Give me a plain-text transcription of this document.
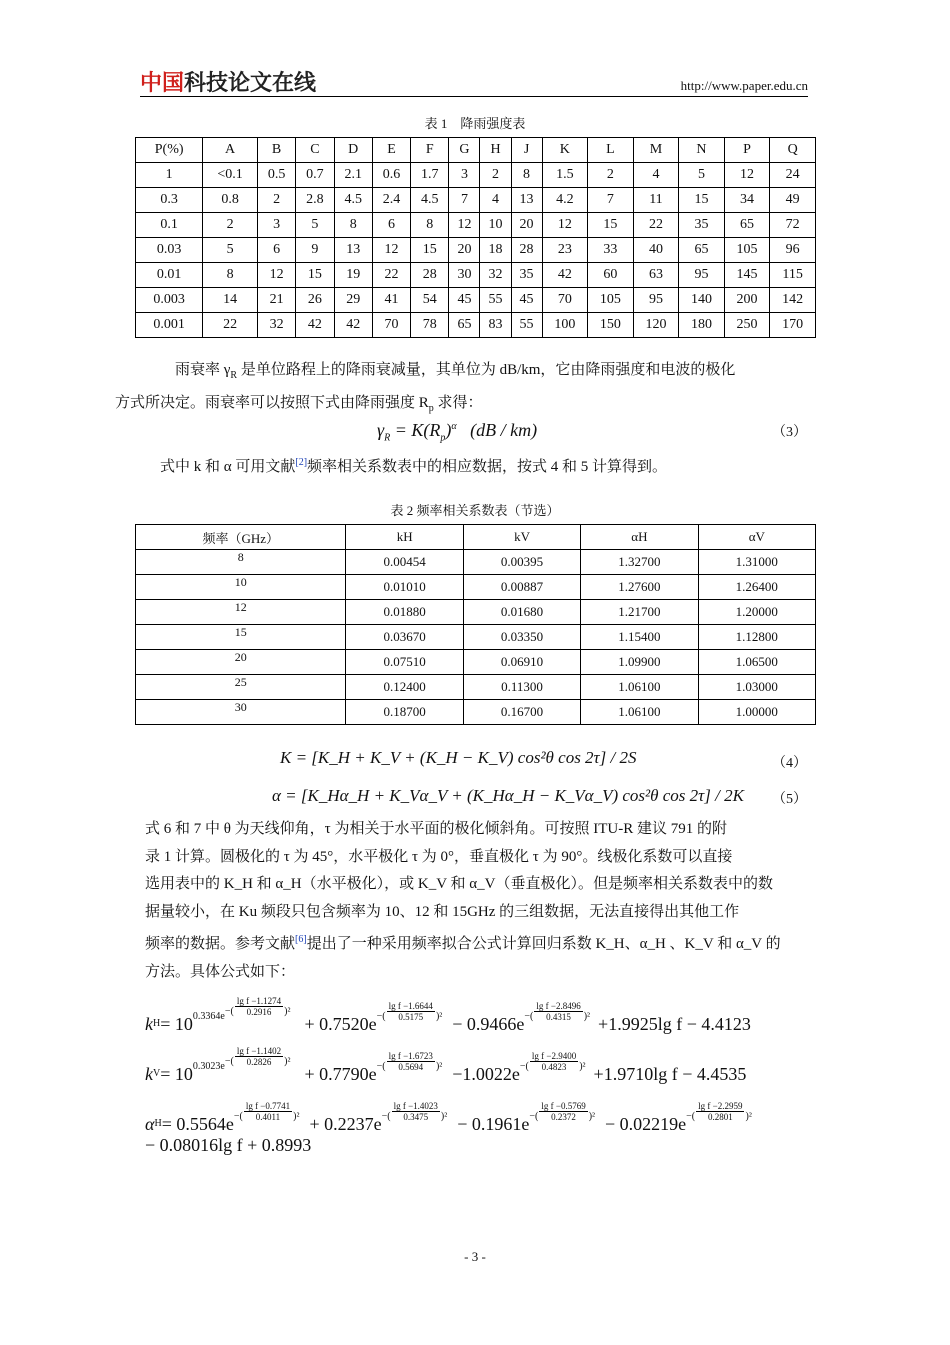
中国科技论文在线	http://www.paper.edu.cn
表 1　降雨强度表
P(%)	A	B	C	D	E	F	G	H	J	K	L	M	N	P	Q
1	<0.1	0.5	0.7	2.1	0.6	1.7	3	2	8	1.5	2	4	5	12	24
0.3	0.8	2	2.8	4.5	2.4	4.5	7	4	13	4.2	7	11	15	34	49
0.1	2	3	5	8	6	8	12	10	20	12	15	22	35	65	72
0.03	5	6	9	13	12	15	20	18	28	23	33	40	65	105	96
0.01	8	12	15	19	22	28	30	32	35	42	60	63	95	145	115
0.003	14	21	26	29	41	54	45	55	45	70	105	95	140	200	142
0.001	22	32	42	42	70	78	65	83	55	100	150	120	180	250	170
雨衰率 $\gamma_R$ 是单位路程上的降雨衰减量，其单位为 dB/km，它由降雨强度和电波的极化
方式所决定。雨衰率可以按照下式由降雨强度 $R_p$ 求得：
$\gamma_R = K(R_p)^\alpha$ (dB / km)	（3）
式中 k 和 α 可用文献[2]频率相关系数表中的相应数据，按式 4 和 5 计算得到。
表 2 频率相关系数表（节选）
频率（GHz）	kH	kV	αH	αV
8	0.00454	0.00395	1.32700	1.31000
10	0.01010	0.00887	1.27600	1.26400
12	0.01880	0.01680	1.21700	1.20000
15	0.03670	0.03350	1.15400	1.12800
20	0.07510	0.06910	1.09900	1.06500
25	0.12400	0.11300	1.06100	1.03000
30	0.18700	0.16700	1.06100	1.00000
K = [K_H + K_V + (K_H − K_V) cos²θ cos 2τ] / 2S	（4）
α = [K_Hα_H + K_Vα_V + (K_Hα_H − K_Vα_V) cos²θ cos 2τ] / 2K （5）
式 6 和 7 中 θ 为天线仰角，τ 为相关于水平面的极化倾斜角。可按照 ITU-R 建议 791 的附
录 1 计算。圆极化的 τ 为 45°，水平极化 τ 为 0°，垂直极化 τ 为 90°。线极化系数可以直接
选用表中的 K_H 和 α_H（水平极化），或 K_V 和 α_V（垂直极化）。但是频率相关系数表中的数
据量较小，在 Ku 频段只包含频率为 10、12 和 15GHz 的三组数据，无法直接得出其他工作
频率的数据。参考文献[6]提出了一种采用频率拟合公式计算回归系数 K_H、α_H 、K_V 和 α_V 的
方法。具体公式如下：
k H = 10 0.3364e −( $\frac{\text{lg f −1.1274}}{0.2916} )^2$
+ 0.7520e −( $\frac{\text{lg f −1.6644}}{0.5175} )^2 - 0.9466e$ −( $\frac{\text{lg f −2.8496}}{0.4315} )^2 +1.9925\lg$ f − 4.4123
k V = 10 0.3023e −( $\frac{\text{lg f −1.1402}}{0.2826} )^2$
+ 0.7790e −( $\frac{\text{lg f −1.6723}}{0.5694} )^2 -1.0022e$ −( $\frac{\text{lg f −2.9400}}{0.4823} )^2 +1.9710\lg$ f − 4.4535
α H = 0.5564e −( $\frac{\text{lg f −0.7741}}{0.4011} )^2 + 0.2237e$ −( $\frac{\text{lg f −1.4023}}{0.3475} )^2 - 0.1961e$ −( $\frac{\text{lg f −0.5769}}{0.2372} )^2 - 0.02219e$ −( $\frac{\text{lg f −2.2959}}{0.2801} )^2$
− 0.08016lg f + 0.8993
- 3 -
